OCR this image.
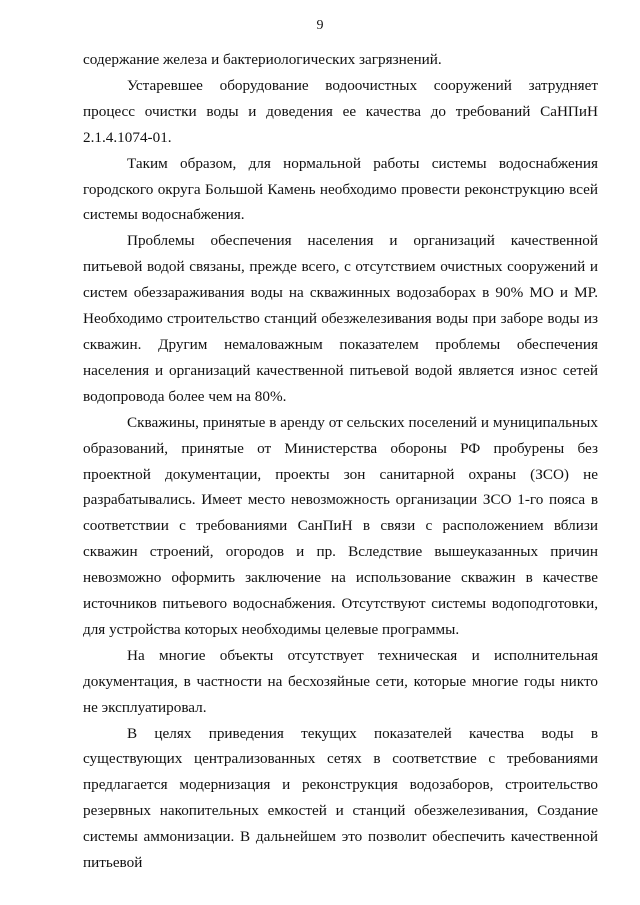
9

содержание железа и бактериологических загрязнений.

Устаревшее оборудование водоочистных сооружений затрудняет процесс очистки воды и доведения ее качества до требований СаНПиН 2.1.4.1074-01.

Таким образом, для нормальной работы системы водоснабжения городского округа Большой Камень необходимо провести реконструкцию всей системы водоснабжения.

Проблемы обеспечения населения и организаций качественной питьевой водой связаны, прежде всего, с отсутствием очистных сооружений и систем обеззараживания воды на скважинных водозаборах в 90% МО и МР. Необходимо строительство станций обезжелезивания воды при заборе воды из скважин. Другим немаловажным показателем проблемы обеспечения населения и организаций качественной питьевой водой является износ сетей водопровода более чем на 80%.

Скважины, принятые в аренду от сельских поселений и муниципальных образований, принятые от Министерства обороны РФ пробурены без проектной документации, проекты зон санитарной охраны (ЗСО) не разрабатывались. Имеет место невозможность организации ЗСО 1-го пояса в соответствии с требованиями СанПиН в связи с расположением вблизи скважин строений, огородов и пр. Вследствие вышеуказанных причин невозможно оформить заключение на использование скважин в качестве источников питьевого водоснабжения. Отсутствуют системы водоподготовки, для устройства которых необходимы целевые программы.

На многие объекты отсутствует техническая и исполнительная документация, в частности на бесхозяйные сети, которые многие годы никто не эксплуатировал.

В целях приведения текущих показателей качества воды в существующих централизованных сетях в соответствие с требованиями предлагается модернизация и реконструкция водозаборов, строительство резервных накопительных емкостей и станций обезжелезивания, Создание системы аммонизации. В дальнейшем это позволит обеспечить качественной питьевой
